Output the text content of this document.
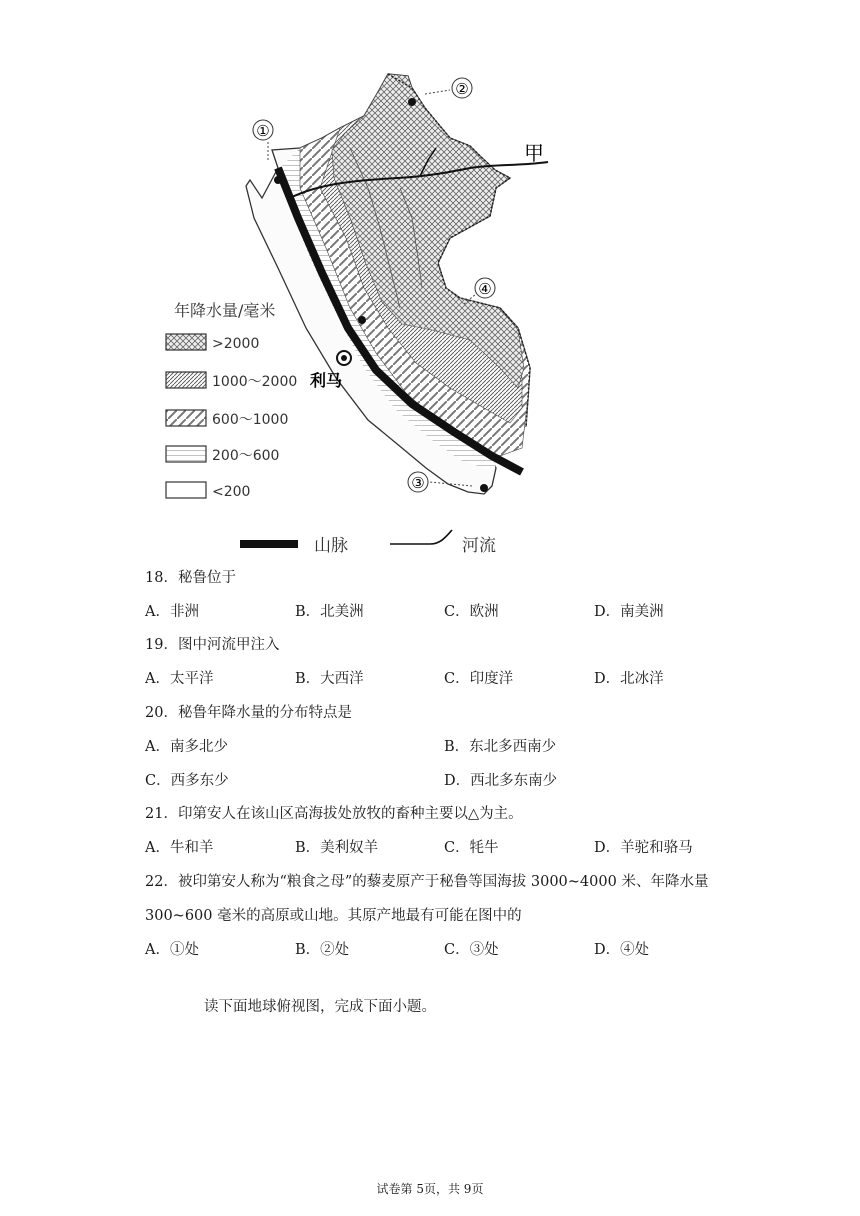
甲
利马
①
②
③
④
年降水量/毫米
>2000
1000～2000
600～1000
200～600
<200
山脉	河流
18．秘鲁位于
A．非洲	B．北美洲	C．欧洲	D．南美洲
19．图中河流甲注入
A．太平洋	B．大西洋	C．印度洋	D．北冰洋
20．秘鲁年降水量的分布特点是
A．南多北少	B．东北多西南少
C．西多东少	D．西北多东南少
21．印第安人在该山区高海拔处放牧的畜种主要以△为主。
A．牛和羊	B．美利奴羊	C．牦牛	D．羊驼和骆马
22．被印第安人称为“粮食之母”的藜麦原产于秘鲁等国海拔 3000~4000 米、年降水量
300~600 毫米的高原或山地。其原产地最有可能在图中的
A．①处	B．②处	C．③处	D．④处
读下面地球俯视图，完成下面小题。
试卷第 5页，共 9页
